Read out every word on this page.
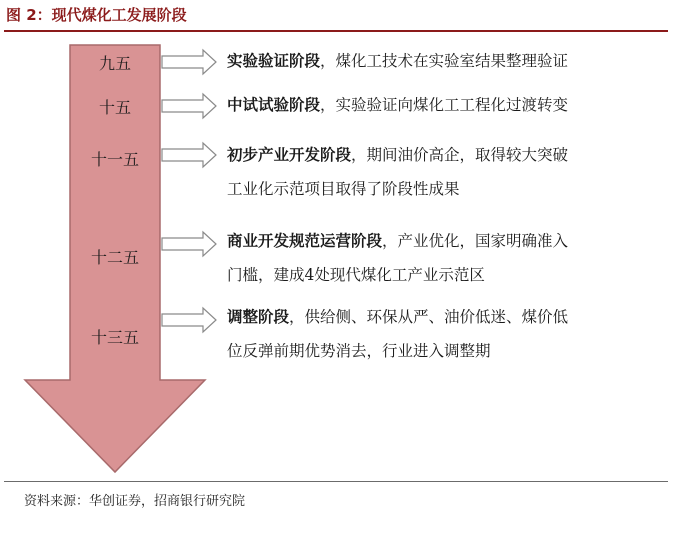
图 2：现代煤化工发展阶段
九五
十五
十一五
十二五
十三五
实验验证阶段，煤化工技术在实验室结果整理验证
中试试验阶段，实验验证向煤化工工程化过渡转变
初步产业开发阶段，期间油价高企，取得较大突破
工业化示范项目取得了阶段性成果
商业开发规范运营阶段，产业优化，国家明确准入
门槛，建成4处现代煤化工产业示范区
调整阶段，供给侧、环保从严、油价低迷、煤价低
位反弹前期优势消去，行业进入调整期
资料来源：华创证券，招商银行研究院
